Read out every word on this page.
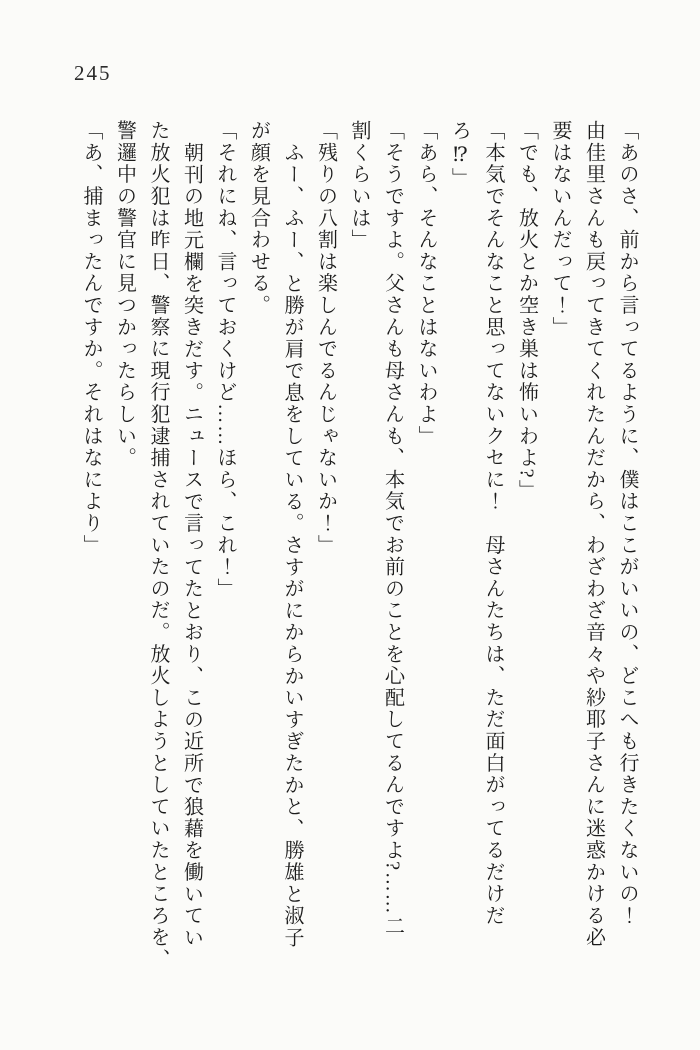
245

「あのさ、前から言ってるように、僕はここがいいの、どこへも行きたくないの！

由佳里さんも戻ってきてくれたんだから、わざわざ音々や紗耶子さんに迷惑かける必

要はないんだって！」

「でも、放火とか空き巣は怖いわよ?」

「本気でそんなこと思ってないクセに！　母さんたちは、ただ面白がってるだけだ

ろ⁉」

「あら、そんなことはないわよ」

「そうですよ。父さんも母さんも、本気でお前のことを心配してるんですよ?……二

割くらいは」

「残りの八割は楽しんでるんじゃないか！」

ふー、ふー、と勝が肩で息をしている。さすがにからかいすぎたかと、勝雄と淑子

が顔を見合わせる。

「それにね、言っておくけど……ほら、これ！」

朝刊の地元欄を突きだす。ニュースで言ってたとおり、この近所で狼藉を働いてい

た放火犯は昨日、警察に現行犯逮捕されていたのだ。放火しようとしていたところを、

警邏中の警官に見つかったらしい。

「あ、捕まったんですか。それはなにより」
